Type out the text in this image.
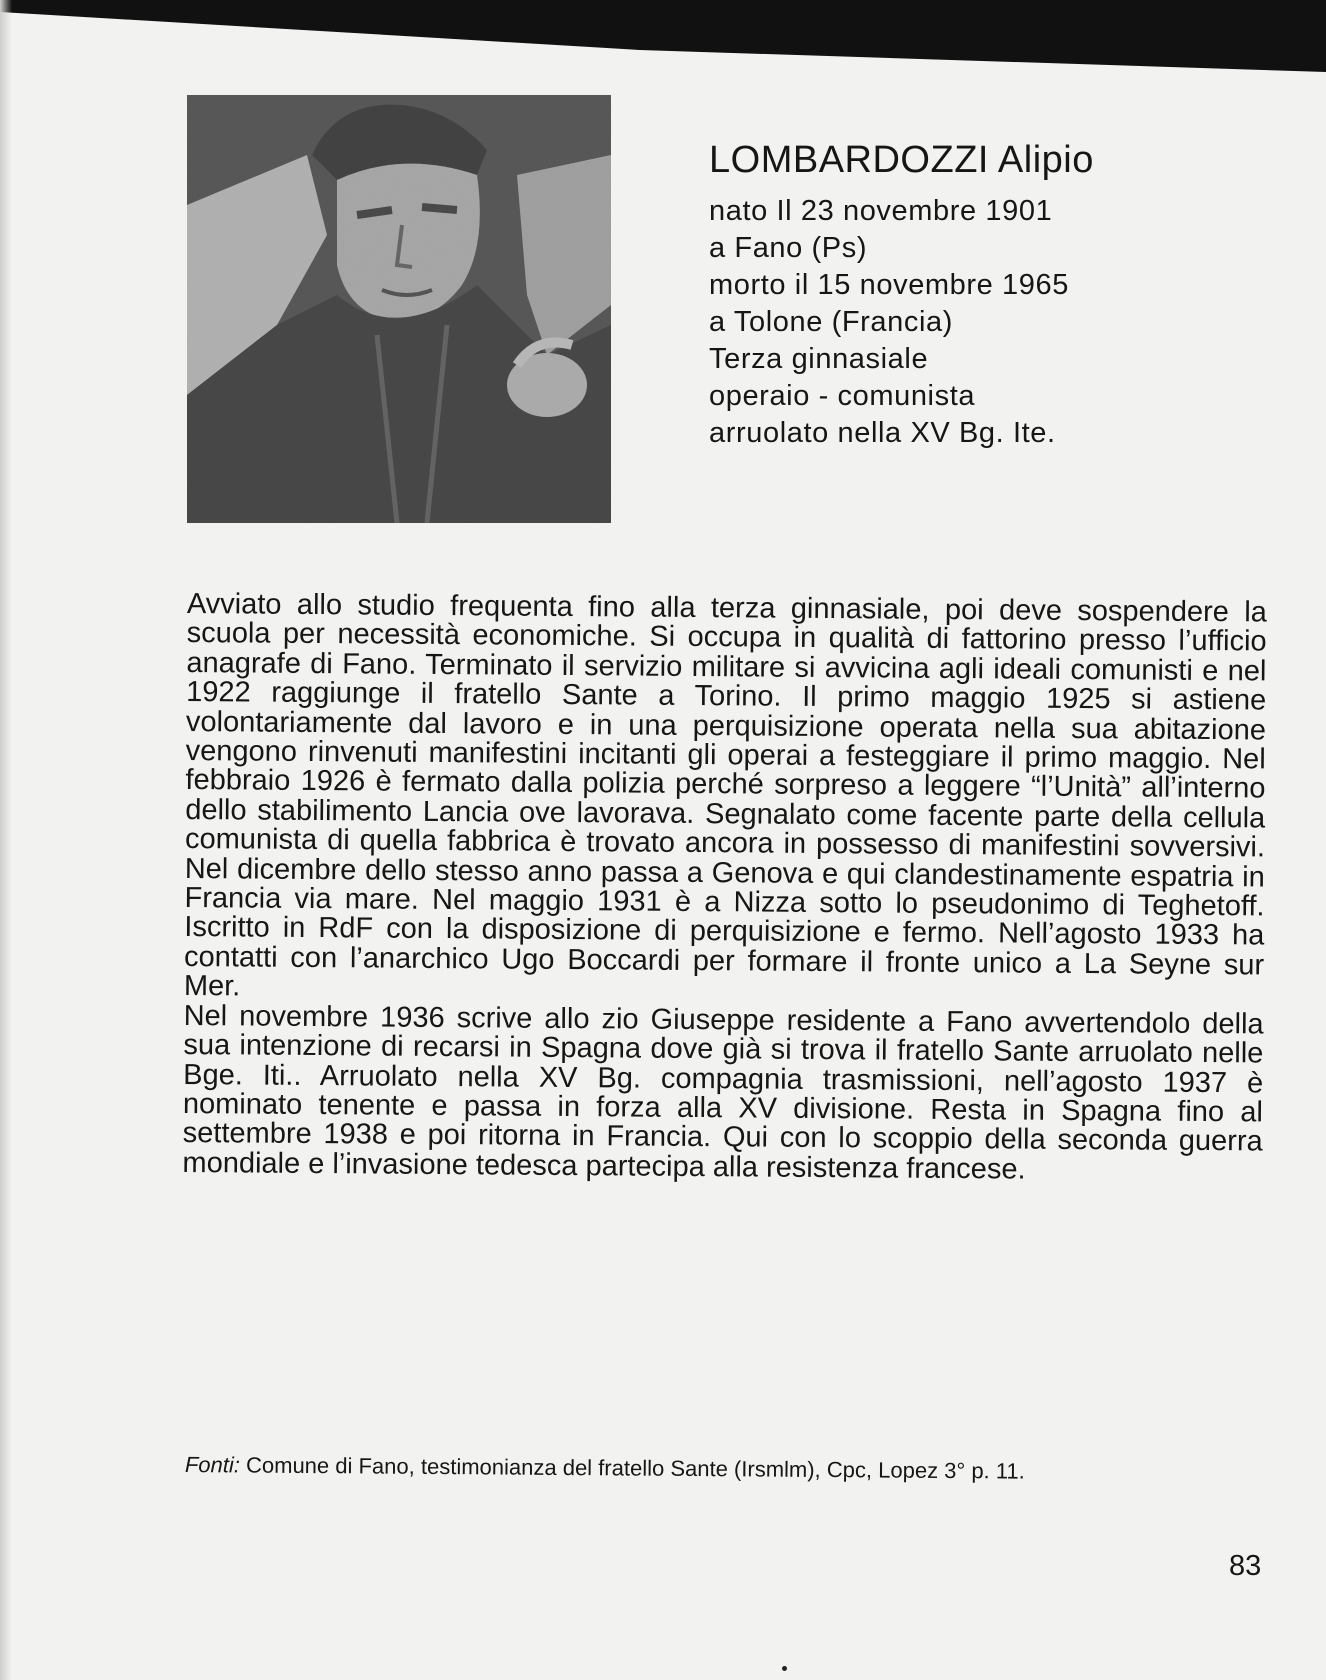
LOMBARDOZZI Alipio
nato Il 23 novembre 1901
a Fano (Ps)
morto il 15 novembre 1965
a Tolone (Francia)
Terza ginnasiale
operaio - comunista
arruolato nella XV Bg. Ite.

Avviato allo studio frequenta fino alla terza ginnasiale, poi deve sospendere la scuola per necessità economiche. Si occupa in qualità di fattorino presso l’ufficio anagrafe di Fano. Terminato il servizio militare si avvicina agli ideali comunisti e nel 1922 raggiunge il fratello Sante a Torino. Il primo maggio 1925 si astiene volontariamente dal lavoro e in una perquisizione operata nella sua abitazione vengono rinvenuti manifestini incitanti gli operai a festeggiare il primo maggio. Nel febbraio 1926 è fermato dalla polizia perché sorpreso a leggere “l’Unità” all’interno dello stabilimento Lancia ove lavorava. Segnalato come facente parte della cellula comunista di quella fabbrica è trovato ancora in possesso di manifestini sovversivi. Nel dicembre dello stesso anno passa a Genova e qui clandestinamente espatria in Francia via mare. Nel maggio 1931 è a Nizza sotto lo pseudonimo di Teghetoff. Iscritto in RdF con la disposizione di perquisizione e fermo. Nell’agosto 1933 ha contatti con l’anarchico Ugo Boccardi per formare il fronte unico a La Seyne sur Mer.

Nel novembre 1936 scrive allo zio Giuseppe residente a Fano avvertendolo della sua intenzione di recarsi in Spagna dove già si trova il fratello Sante arruolato nelle Bge. Iti.. Arruolato nella XV Bg. compagnia trasmissioni, nell’agosto 1937 è nominato tenente e passa in forza alla XV divisione. Resta in Spagna fino al settembre 1938 e poi ritorna in Francia. Qui con lo scoppio della seconda guerra mondiale e l’invasione tedesca partecipa alla resistenza francese.

Fonti: Comune di Fano, testimonianza del fratello Sante (Irsmlm), Cpc, Lopez 3° p. 11.
83
